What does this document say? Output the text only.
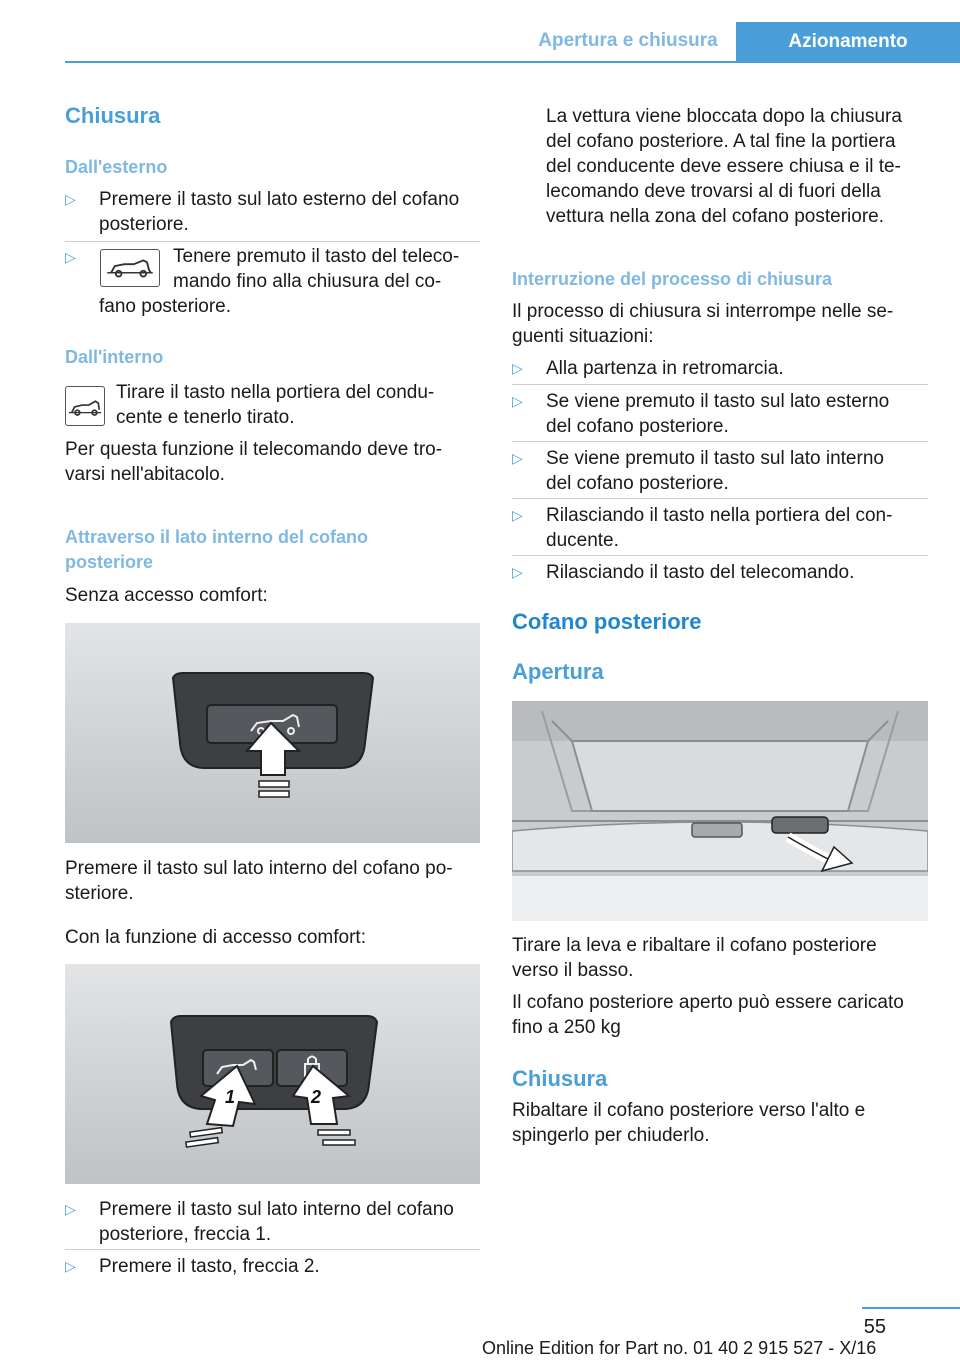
Apertura e chiusura	Azionamento
Chiusura
Dall'esterno
▷ Premere il tasto sul lato esterno del cofano posteriore.
▷	Tenere premuto il tasto del teleco-
mando fino alla chiusura del co-
fano posteriore.
Dall'interno
Tirare il tasto nella portiera del condu-
cente e tenerlo tirato.
Per questa funzione il telecomando deve tro-
varsi nell'abitacolo.
Attraverso il lato interno del cofano
posteriore
Senza accesso comfort:
Premere il tasto sul lato interno del cofano po-
steriore.
Con la funzione di accesso comfort:
1	2
▷ Premere il tasto sul lato interno del cofano
posteriore, freccia 1.
▷ Premere il tasto, freccia 2.
La vettura viene bloccata dopo la chiusura
del cofano posteriore. A tal fine la portiera
del conducente deve essere chiusa e il te-
lecomando deve trovarsi al di fuori della
vettura nella zona del cofano posteriore.
Interruzione del processo di chiusura
Il processo di chiusura si interrompe nelle se-
guenti situazioni:
▷ Alla partenza in retromarcia.
▷ Se viene premuto il tasto sul lato esterno
del cofano posteriore.
▷ Se viene premuto il tasto sul lato interno
del cofano posteriore.
▷ Rilasciando il tasto nella portiera del con-
ducente.
▷ Rilasciando il tasto del telecomando.
Cofano posteriore
Apertura
Tirare la leva e ribaltare il cofano posteriore
verso il basso.
Il cofano posteriore aperto può essere caricato
fino a 250 kg
Chiusura
Ribaltare il cofano posteriore verso l'alto e
spingerlo per chiuderlo.
55
Online Edition for Part no. 01 40 2 915 527 - X/16
